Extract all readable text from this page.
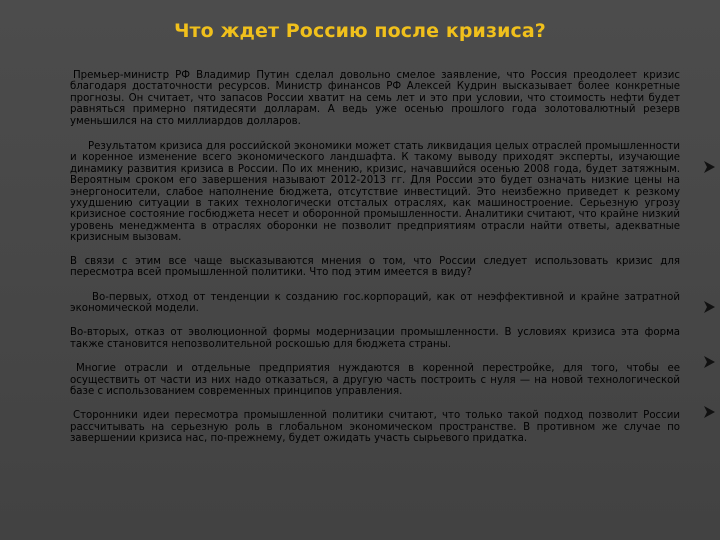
Что ждет Россию после кризиса?

Премьер-министр РФ Владимир Путин сделал довольно смелое заявление, что Россия преодолеет кризис благодаря достаточности ресурсов. Министр финансов РФ Алексей Кудрин высказывает более конкретные прогнозы. Он считает, что запасов России хватит на семь лет и это при условии, что стоимость нефти будет равняться примерно пятидесяти долларам. А ведь уже осенью прошлого года золотовалютный резерв уменьшился на сто миллиардов долларов.

Результатом кризиса для российской экономики может стать ликвидация целых отраслей промышленности и коренное изменение всего экономического ландшафта. К такому выводу приходят эксперты, изучающие динамику развития кризиса в России. По их мнению, кризис, начавшийся осенью 2008 года, будет затяжным. Вероятным сроком его завершения называют 2012-2013 гг. Для России это будет означать низкие цены на энергоносители, слабое наполнение бюджета, отсутствие инвестиций. Это неизбежно приведет к резкому ухудшению ситуации в таких технологически отсталых отраслях, как машиностроение. Серьезную угрозу кризисное состояние госбюджета несет и оборонной промышленности. Аналитики считают, что крайне низкий уровень менеджмента в отраслях оборонки не позволит предприятиям отрасли найти ответы, адекватные кризисным вызовам.

В связи с этим все чаще высказываются мнения о том, что России следует использовать кризис для пересмотра всей промышленной политики. Что под этим имеется в виду?

Во-первых, отход от тенденции к созданию гос.корпораций, как от неэффективной и крайне затратной экономической модели.

Во-вторых, отказ от эволюционной формы модернизации промышленности. В условиях кризиса эта форма также становится непозволительной роскошью для бюджета страны.

Многие отрасли и отдельные предприятия нуждаются в коренной перестройке, для того, чтобы ее осуществить от части из них надо отказаться, а другую часть построить с нуля — на новой технологической базе с использованием современных принципов управления.

Сторонники идеи пересмотра промышленной политики считают, что только такой подход позволит России рассчитывать на серьезную роль в глобальном экономическом пространстве. В противном же случае по завершении кризиса нас, по-прежнему, будет ожидать участь сырьевого придатка.
